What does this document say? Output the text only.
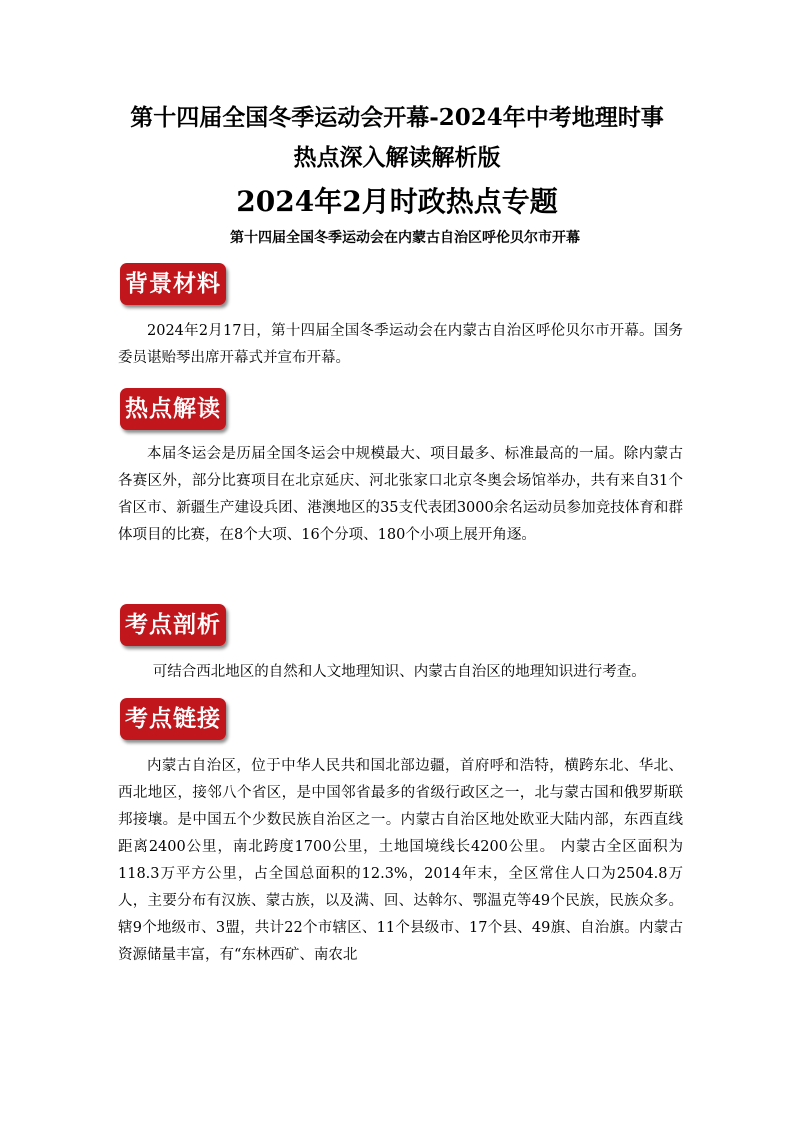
第十四届全国冬季运动会开幕-2024年中考地理时事
热点深入解读解析版
2024年2月时政热点专题

第十四届全国冬季运动会在内蒙古自治区呼伦贝尔市开幕

背景材料

2024年2月17日，第十四届全国冬季运动会在内蒙古自治区呼伦贝尔市开幕。国务委员谌贻琴出席开幕式并宣布开幕。

热点解读

本届冬运会是历届全国冬运会中规模最大、项目最多、标准最高的一届。除内蒙古各赛区外，部分比赛项目在北京延庆、河北张家口北京冬奥会场馆举办，共有来自31个省区市、新疆生产建设兵团、港澳地区的35支代表团3000余名运动员参加竞技体育和群体项目的比赛，在8个大项、16个分项、180个小项上展开角逐。

考点剖析

可结合西北地区的自然和人文地理知识、内蒙古自治区的地理知识进行考查。

考点链接

内蒙古自治区，位于中华人民共和国北部边疆，首府呼和浩特，横跨东北、华北、西北地区，接邻八个省区，是中国邻省最多的省级行政区之一，北与蒙古国和俄罗斯联邦接壤。是中国五个少数民族自治区之一。内蒙古自治区地处欧亚大陆内部，东西直线距离2400公里，南北跨度1700公里，土地国境线长4200公里。 内蒙古全区面积为118.3万平方公里，占全国总面积的12.3%，2014年末，全区常住人口为2504.8万人，主要分布有汉族、蒙古族，以及满、回、达斡尔、鄂温克等49个民族，民族众多。辖9个地级市、3盟，共计22个市辖区、11个县级市、17个县、49旗、自治旗。内蒙古资源储量丰富，有“东林西矿、南农北
